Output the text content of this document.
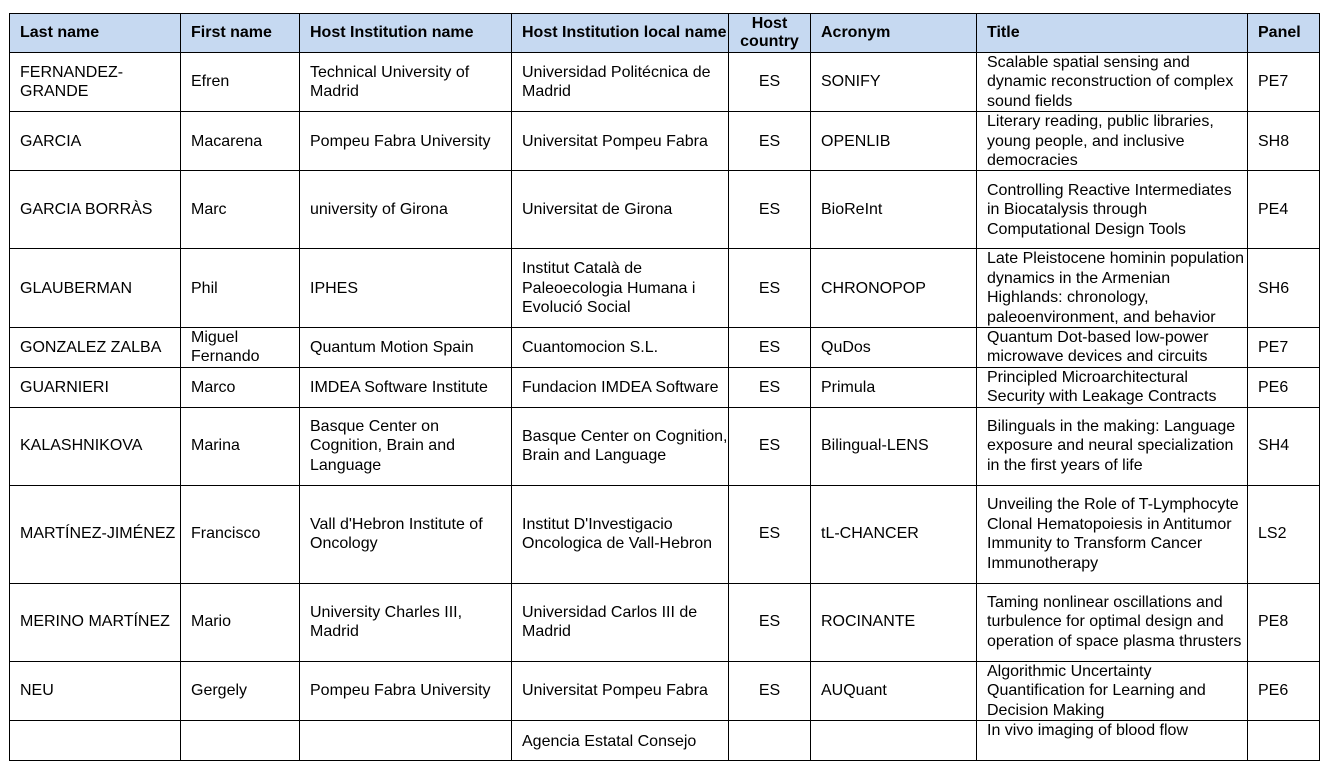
Last name	First name	Host Institution name	Host Institution local name	Host country	Acronym	Title	Panel
FERNANDEZ-GRANDE	Efren	Technical University of Madrid	Universidad Politécnica de Madrid	ES	SONIFY	Scalable spatial sensing and dynamic reconstruction of complex sound fields	PE7
GARCIA	Macarena	Pompeu Fabra University	Universitat Pompeu Fabra	ES	OPENLIB	Literary reading, public libraries, young people, and inclusive democracies	SH8
GARCIA BORRÀS	Marc	university of Girona	Universitat de Girona	ES	BioReInt	Controlling Reactive Intermediates in Biocatalysis through Computational Design Tools	PE4
GLAUBERMAN	Phil	IPHES	Institut Català de Paleoecologia Humana i Evolució Social	ES	CHRONOPOP	Late Pleistocene hominin population dynamics in the Armenian Highlands: chronology, paleoenvironment, and behavior	SH6
GONZALEZ ZALBA	Miguel Fernando	Quantum Motion Spain	Cuantomocion S.L.	ES	QuDos	Quantum Dot-based low-power microwave devices and circuits	PE7
GUARNIERI	Marco	IMDEA Software Institute	Fundacion IMDEA Software	ES	Primula	Principled Microarchitectural Security with Leakage Contracts	PE6
KALASHNIKOVA	Marina	Basque Center on Cognition, Brain and Language	Basque Center on Cognition, Brain and Language	ES	Bilingual-LENS	Bilinguals in the making: Language exposure and neural specialization in the first years of life	SH4
MARTÍNEZ-JIMÉNEZ	Francisco	Vall d'Hebron Institute of Oncology	Institut D'Investigacio Oncologica de Vall-Hebron	ES	tL-CHANCER	Unveiling the Role of T-Lymphocyte Clonal Hematopoiesis in Antitumor Immunity to Transform Cancer Immunotherapy	LS2
MERINO MARTÍNEZ	Mario	University Charles III, Madrid	Universidad Carlos III de Madrid	ES	ROCINANTE	Taming nonlinear oscillations and turbulence for optimal design and operation of space plasma thrusters	PE8
NEU	Gergely	Pompeu Fabra University	Universitat Pompeu Fabra	ES	AUQuant	Algorithmic Uncertainty Quantification for Learning and Decision Making	PE6
			Agencia Estatal Consejo			In vivo imaging of blood flow	
